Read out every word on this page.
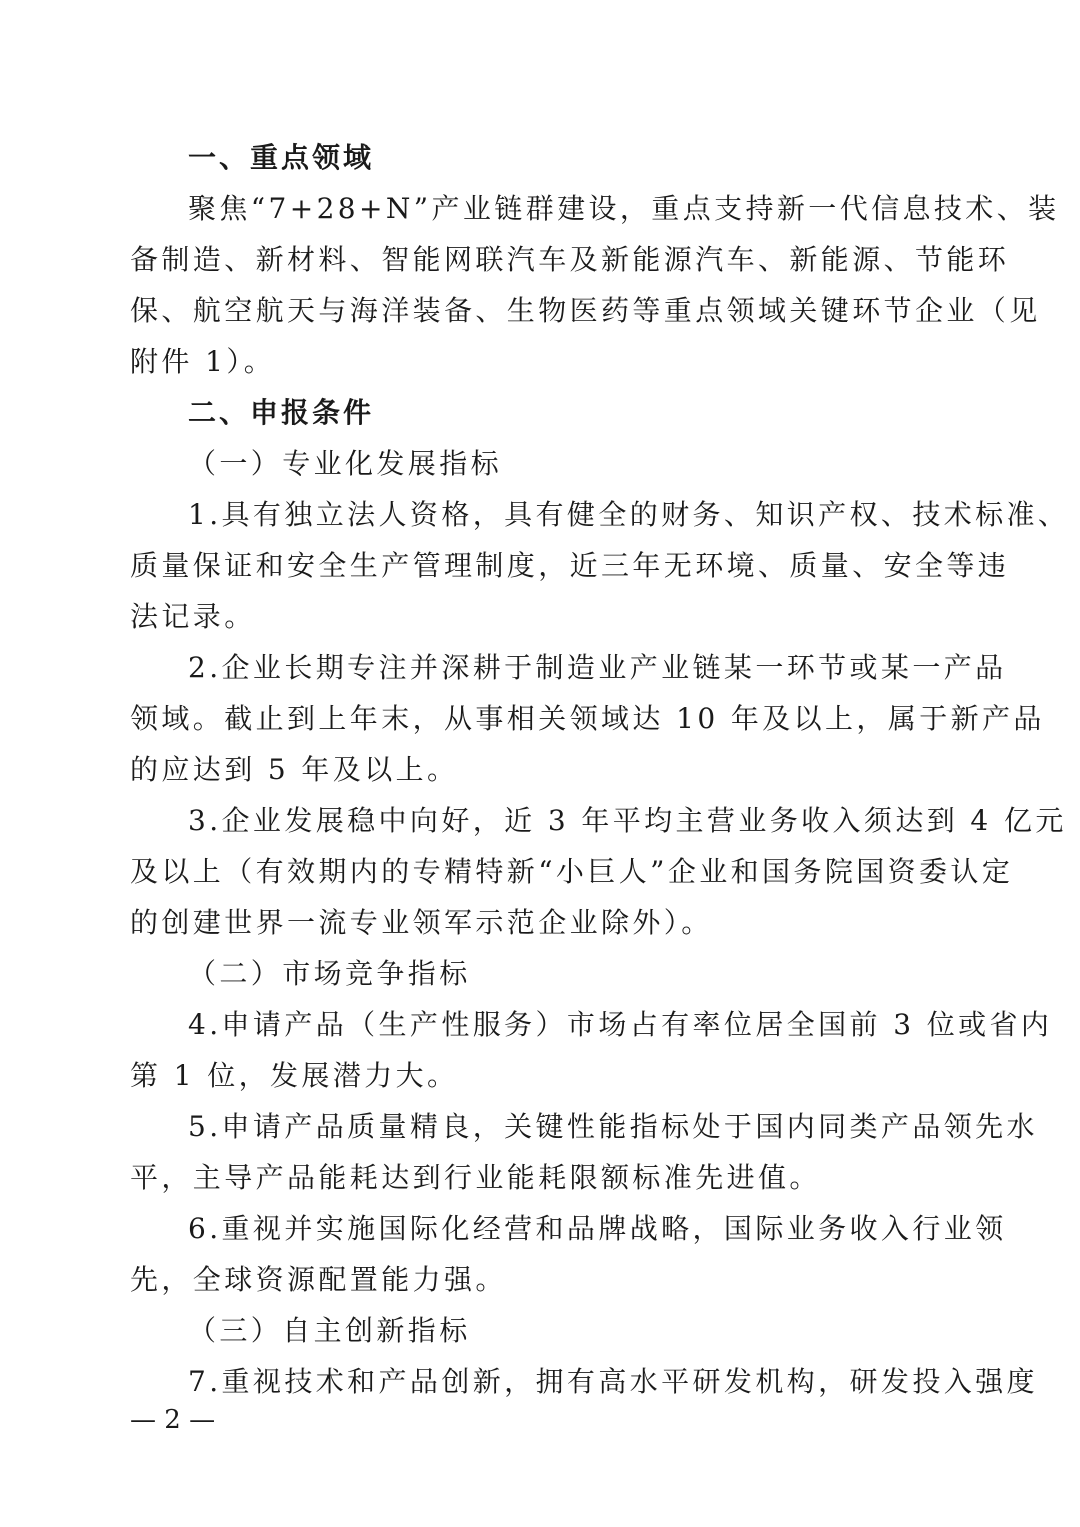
一、重点领域
聚焦“7+28+N”产业链群建设，重点支持新一代信息技术、装
备制造、新材料、智能网联汽车及新能源汽车、新能源、节能环
保、航空航天与海洋装备、生物医药等重点领域关键环节企业（见
附件 1）。
二、申报条件
（一）专业化发展指标
1.具有独立法人资格，具有健全的财务、知识产权、技术标准、
质量保证和安全生产管理制度，近三年无环境、质量、安全等违
法记录。
2.企业长期专注并深耕于制造业产业链某一环节或某一产品
领域。截止到上年末，从事相关领域达 10 年及以上，属于新产品
的应达到 5 年及以上。
3.企业发展稳中向好，近 3 年平均主营业务收入须达到 4 亿元
及以上（有效期内的专精特新“小巨人”企业和国务院国资委认定
的创建世界一流专业领军示范企业除外）。
（二）市场竞争指标
4.申请产品（生产性服务）市场占有率位居全国前 3 位或省内
第 1 位，发展潜力大。
5.申请产品质量精良，关键性能指标处于国内同类产品领先水
平，主导产品能耗达到行业能耗限额标准先进值。
6.重视并实施国际化经营和品牌战略，国际业务收入行业领
先，全球资源配置能力强。
（三）自主创新指标
7.重视技术和产品创新，拥有高水平研发机构，研发投入强度
— 2 —
